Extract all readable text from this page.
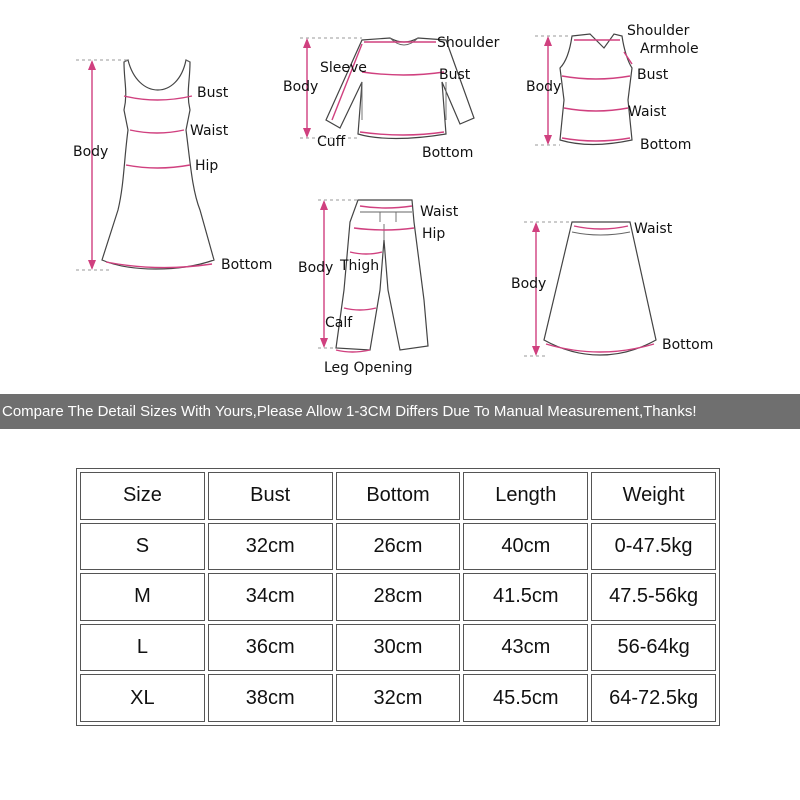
Bust
Waist
Hip
Body
Bottom
Shoulder
Sleeve	Bust
Body
Cuff
Bottom
Shoulder
Armhole
Bust
Body
Waist
Bottom
Waist
Hip
Body Thigh
Calf
Leg Opening
Waist
Body
Bottom
Compare The Detail Sizes With Yours,Please Allow 1-3CM Differs Due To Manual Measurement,Thanks!
Size	Bust	Bottom	Length	Weight
S	32cm	26cm	40cm	0-47.5kg
M	34cm	28cm	41.5cm	47.5-56kg
L	36cm	30cm	43cm	56-64kg
XL	38cm	32cm	45.5cm	64-72.5kg
